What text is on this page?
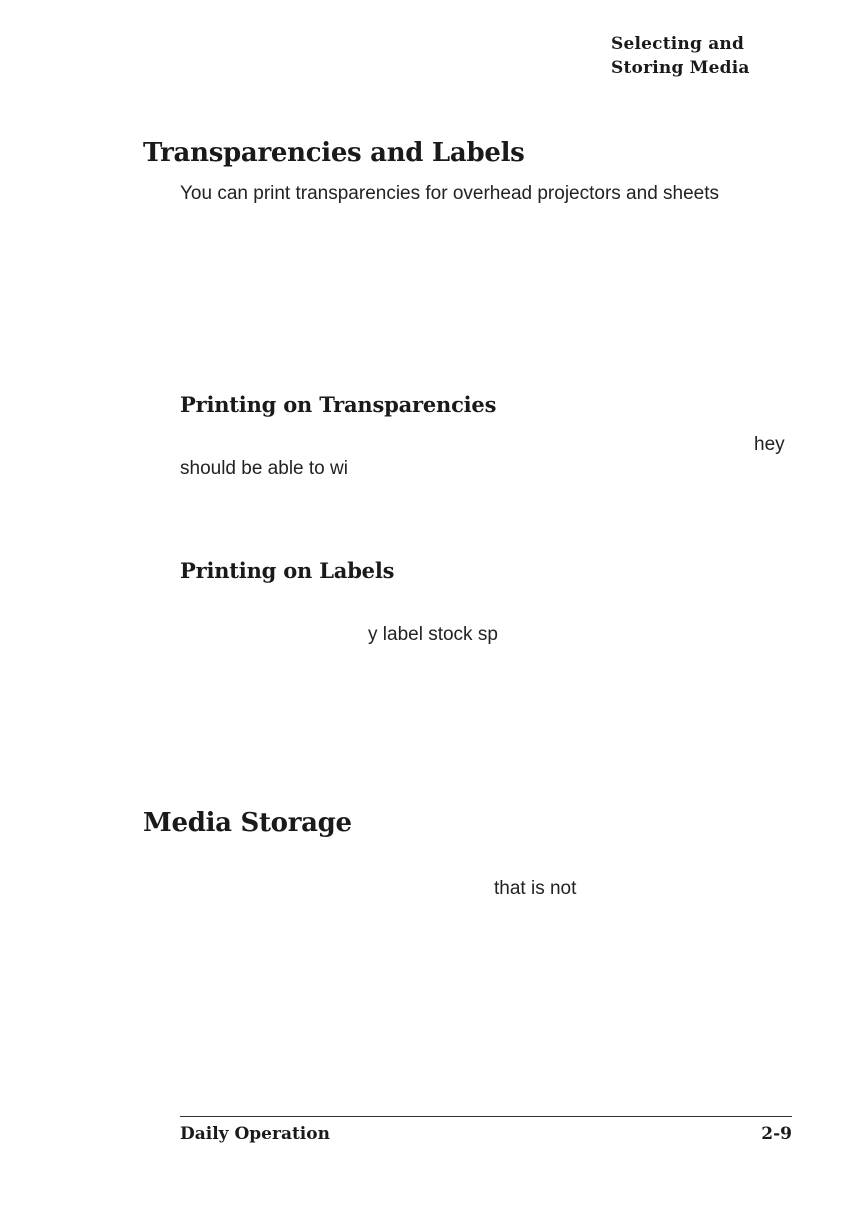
Selecting and
Storing Media
Transparencies and Labels
You can print transparencies for overhead projectors and sheets
Printing on Transparencies
hey
should be able to wi
Printing on Labels
y label stock sp
Media Storage
that is not
Daily Operation	2-9
